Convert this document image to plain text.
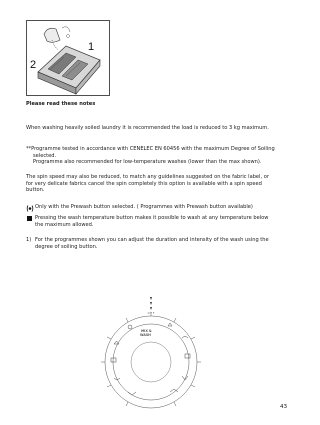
1
2
Please read these notes
When washing heavily soiled laundry it is recommended the load is reduced to 3 kg maximum.
**Programme tested in accordance with CENELEC EN 60456 with the maximum Degree of Soiling selected.
Programme also recommended for low-temperature washes (lower than the max shown).
The spin speed may also be reduced, to match any guidelines suggested on the fabric label, or for very delicate fabrics cancel the spin completely this option is available with a spin speed button.
Only with the Prewash button selected. ( Programmes with Prewash button available)
Pressing the wash temperature button makes it possible to wash at any temperature below the maximum allowed.
1) For the programmes shown you can adjust the duration and intensity of the wash using the degree of soiling button.
O F F
MIX &
WASH
43
